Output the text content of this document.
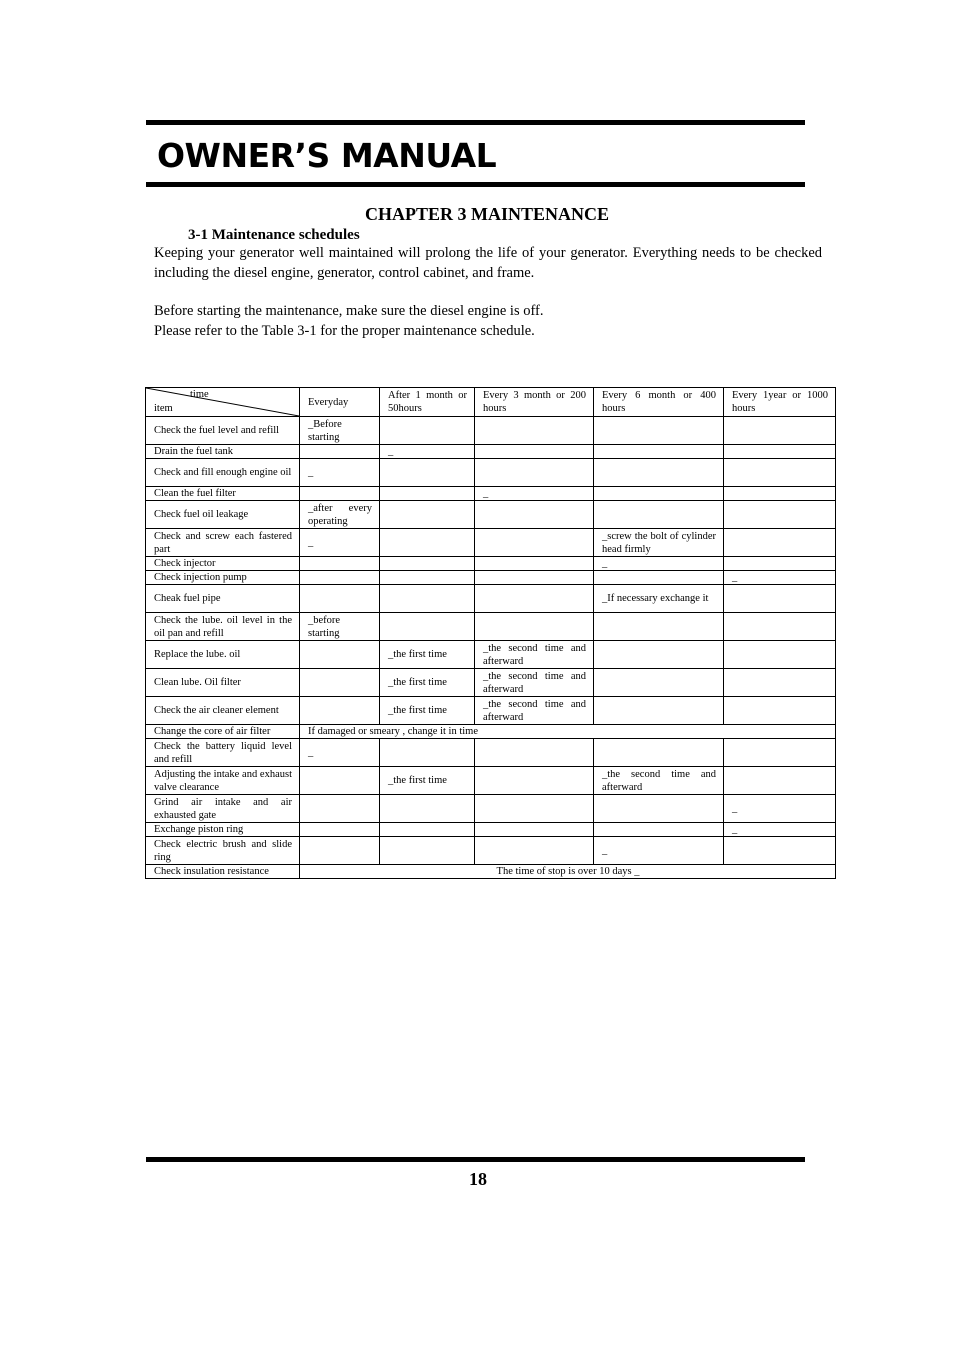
OWNER’S MANUAL
CHAPTER 3 MAINTENANCE
3-1 Maintenance schedules
Keeping your generator well maintained will prolong the life of your generator. Everything needs to be checked including the diesel engine, generator, control cabinet, and frame.
Before starting the maintenance, make sure the diesel engine is off.
Please refer to the Table 3-1 for the proper maintenance schedule.
time
item	Everyday	After 1 month or 50hours	Every 3 month or 200 hours	Every 6 month or 400 hours	Every 1year or 1000 hours
Check the fuel level and refill	_Before starting				
Drain the fuel tank		_			
Check and fill enough engine oil	_				
Clean the fuel filter			_		
Check fuel oil leakage	_after every operating				
Check and screw each fastered part	_			_screw the bolt of cylinder head firmly	
Check injector				_	
Check injection pump					_
Cheak fuel pipe				_If necessary exchange it	
Check the lube. oil level in the oil pan and refill	_before starting				
Replace the lube. oil		_the first time	_the second time and afterward		
Clean lube. Oil filter		_the first time	_the second time and afterward		
Check the air cleaner element		_the first time	_the second time and afterward		
Change the core of air filter	If damaged or smeary , change it in time				
Check the battery liquid level and refill	_				
Adjusting the intake and exhaust valve clearance		_the first time		_the second time and afterward	
Grind air intake and air exhausted gate					_
Exchange piston ring					_
Check electric brush and slide ring				_	
Check insulation resistance	The time of stop is over 10 days _				
18
